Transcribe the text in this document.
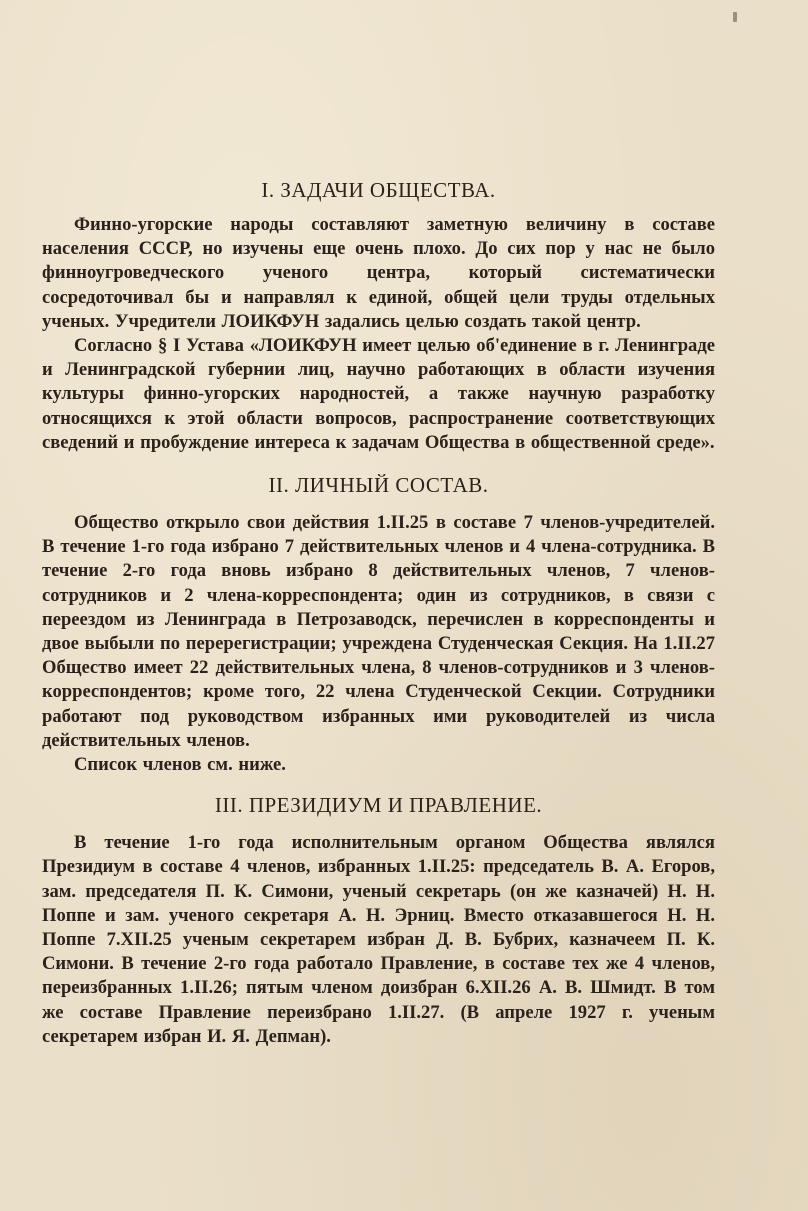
I. ЗАДАЧИ ОБЩЕСТВА.

Финно-угорские народы составляют заметную величину в составе населения СССР, но изучены еще очень плохо. До сих пор у нас не было финноугроведческого ученого центра, который систематически сосредоточивал бы и направлял к единой, общей цели труды отдельных ученых. Учредители ЛОИКФУН задались целью создать такой центр.

Согласно § I Устава «ЛОИКФУН имеет целью об'единение в г. Ленинграде и Ленинградской губернии лиц, научно работающих в области изучения культуры финно-угорских народностей, а также научную разработку относящихся к этой области вопросов, распространение соответствующих сведений и пробуждение интереса к задачам Общества в общественной среде».

II. ЛИЧНЫЙ СОСТАВ.

Общество открыло свои действия 1.II.25 в составе 7 членов-учредителей. В течение 1-го года избрано 7 действительных членов и 4 члена-сотрудника. В течение 2-го года вновь избрано 8 действительных членов, 7 членов-сотрудников и 2 члена-корреспондента; один из сотрудников, в связи с переездом из Ленинграда в Петрозаводск, перечислен в корреспонденты и двое выбыли по перерегистрации; учреждена Студенческая Секция. На 1.II.27 Общество имеет 22 действительных члена, 8 членов-сотрудников и 3 членов-корреспондентов; кроме того, 22 члена Студенческой Секции. Сотрудники работают под руководством избранных ими руководителей из числа действительных членов.

Список членов см. ниже.

III. ПРЕЗИДИУМ И ПРАВЛЕНИЕ.

В течение 1-го года исполнительным органом Общества являлся Президиум в составе 4 членов, избранных 1.II.25: председатель В. А. Егоров, зам. председателя П. К. Симони, ученый секретарь (он же казначей) Н. Н. Поппе и зам. ученого секретаря А. Н. Эрниц. Вместо отказавшегося Н. Н. Поппе 7.XII.25 ученым секретарем избран Д. В. Бубрих, казначеем П. К. Симони. В течение 2-го года работало Правление, в составе тех же 4 членов, переизбранных 1.II.26; пятым членом доизбран 6.XII.26 А. В. Шмидт. В том же составе Правление переизбрано 1.II.27. (В апреле 1927 г. ученым секретарем избран И. Я. Депман).
